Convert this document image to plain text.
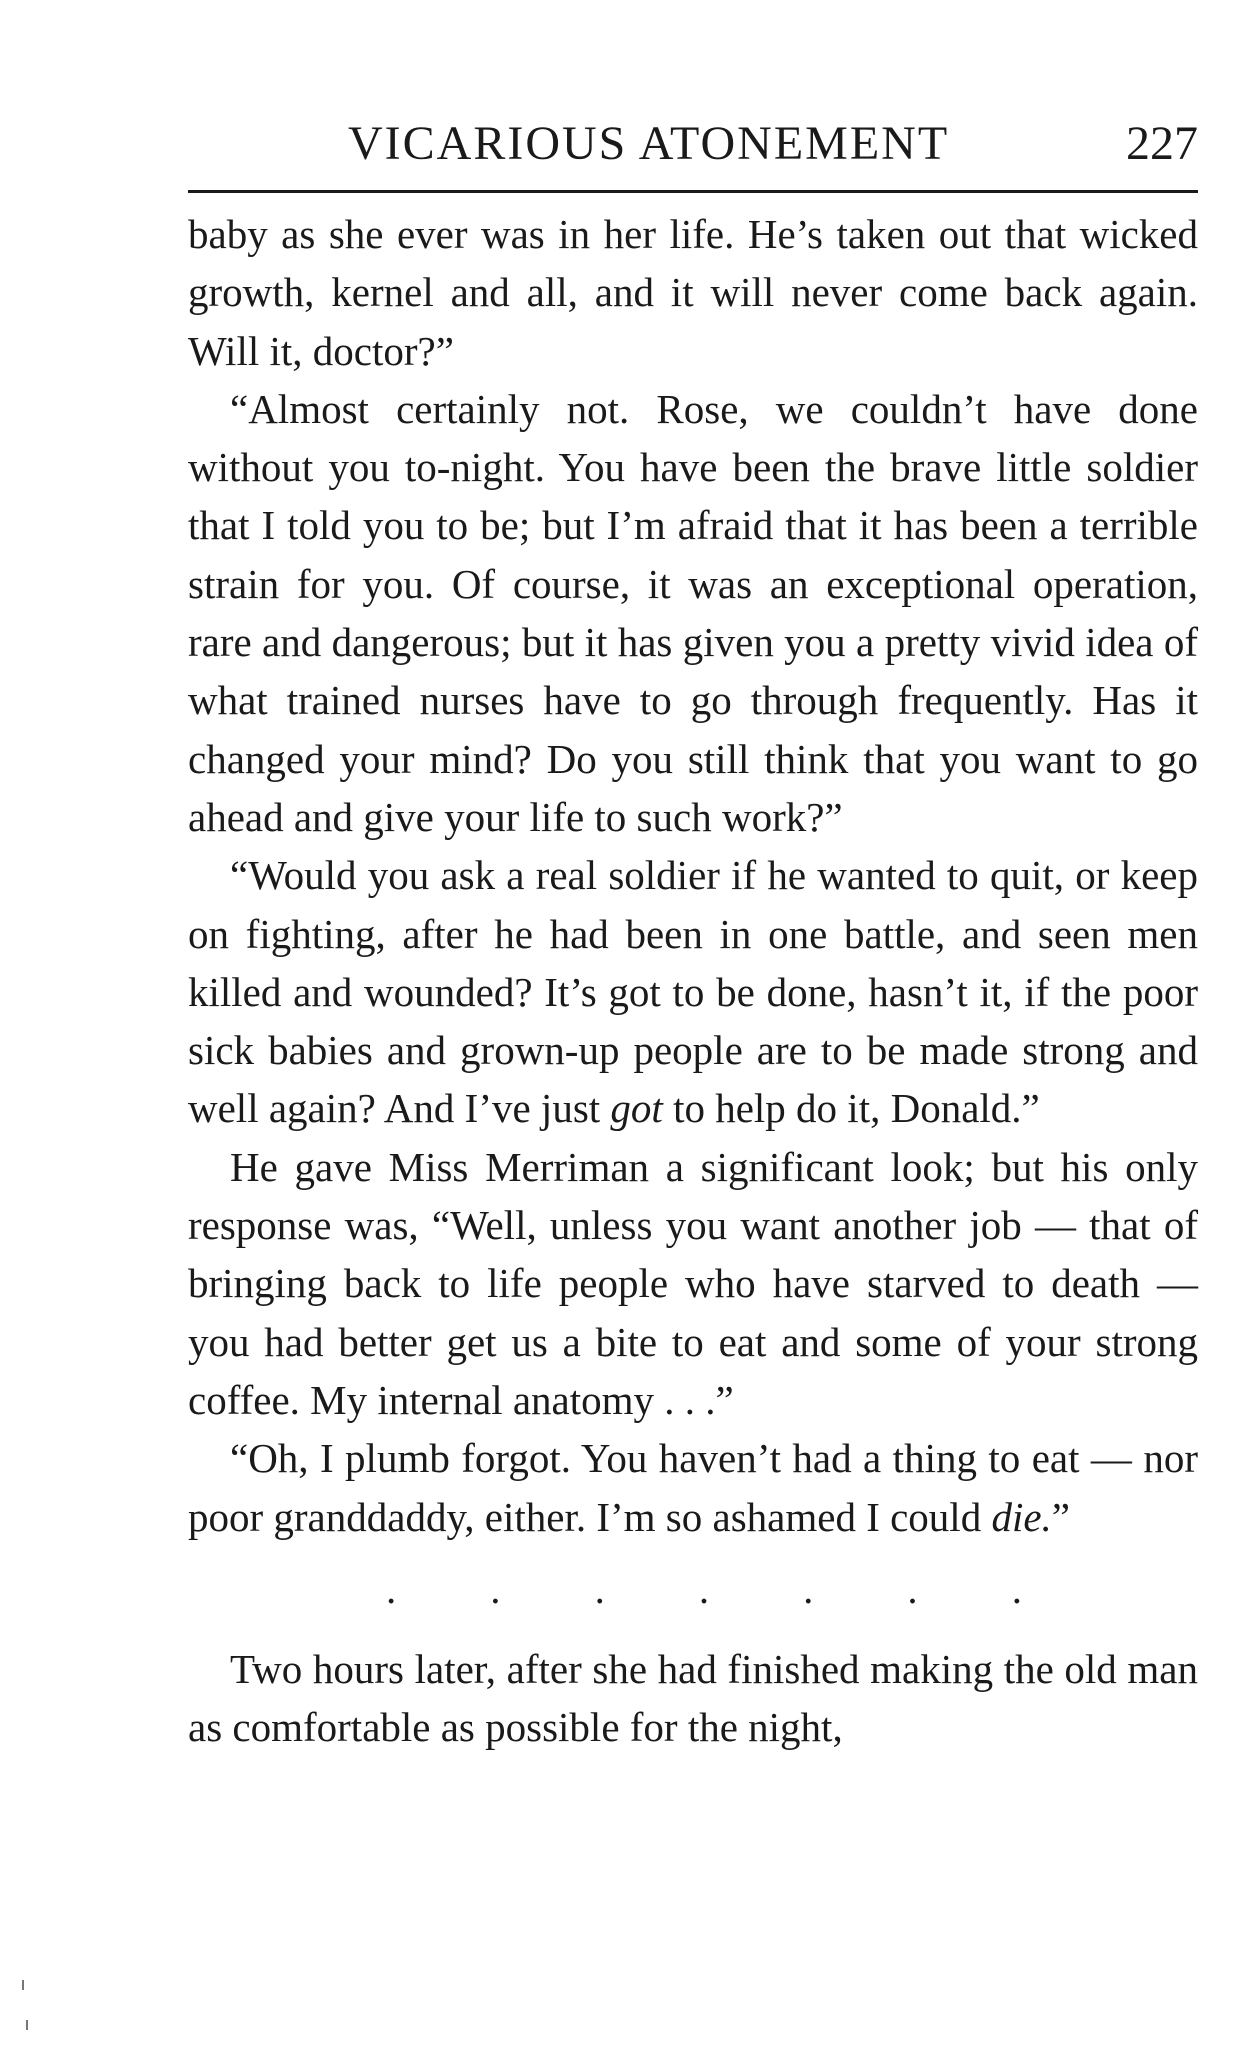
VICARIOUS ATONEMENT	227

baby as she ever was in her life. He’s taken out that wicked growth, kernel and all, and it will never come back again. Will it, doctor?”

“Almost certainly not. Rose, we couldn’t have done without you to-night. You have been the brave little soldier that I told you to be; but I’m afraid that it has been a terrible strain for you. Of course, it was an exceptional operation, rare and dangerous; but it has given you a pretty vivid idea of what trained nurses have to go through frequently. Has it changed your mind? Do you still think that you want to go ahead and give your life to such work?”

“Would you ask a real soldier if he wanted to quit, or keep on fighting, after he had been in one battle, and seen men killed and wounded? It’s got to be done, hasn’t it, if the poor sick babies and grown-up people are to be made strong and well again? And I’ve just got to help do it, Donald.”

He gave Miss Merriman a significant look; but his only response was, “Well, unless you want another job — that of bringing back to life people who have starved to death — you had better get us a bite to eat and some of your strong coffee. My internal anatomy . . .”

“Oh, I plumb forgot. You haven’t had a thing to eat — nor poor granddaddy, either. I’m so ashamed I could die.”

. . . . . . .

Two hours later, after she had finished making the old man as comfortable as possible for the night,
